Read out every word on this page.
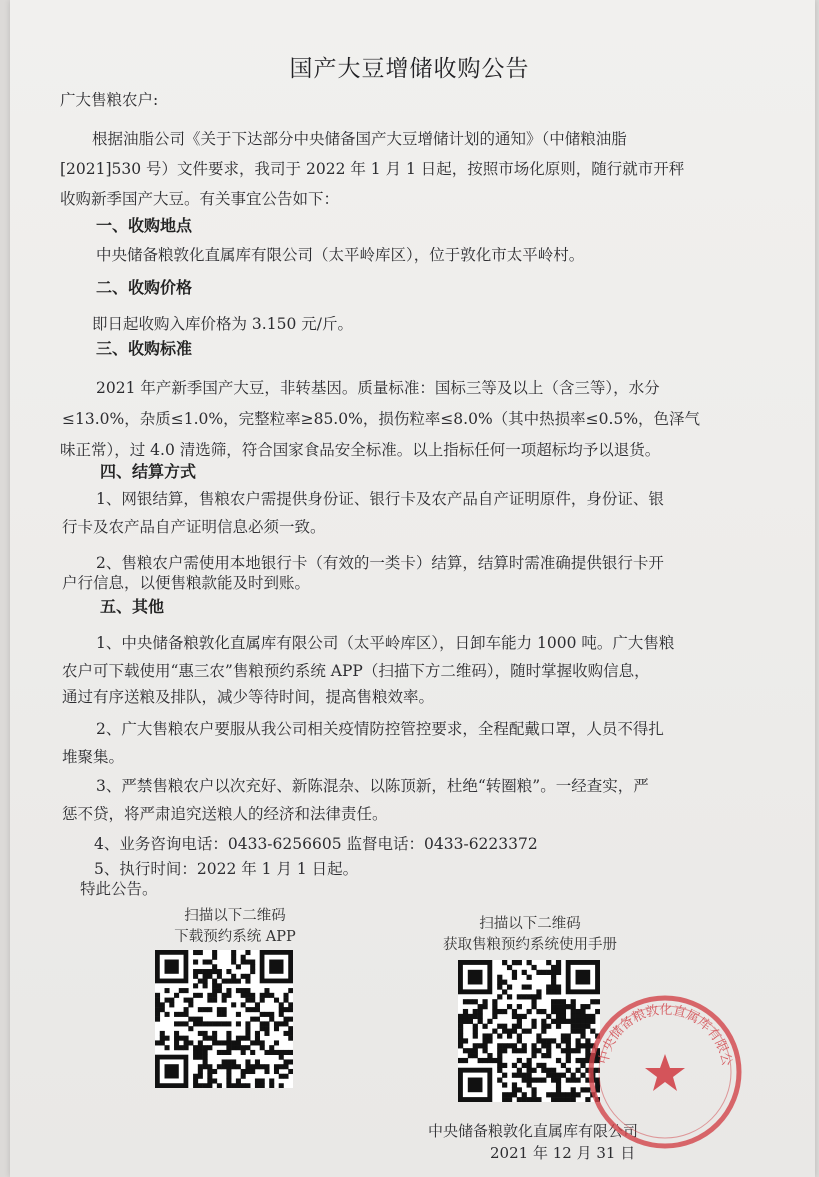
国产大豆增储收购公告
广大售粮农户:
根据油脂公司《关于下达部分中央储备国产大豆增储计划的通知》（中储粮油脂
[2021]530 号）文件要求，我司于 2022 年 1 月 1 日起，按照市场化原则，随行就市开秤
收购新季国产大豆。有关事宜公告如下：
一、收购地点
中央储备粮敦化直属库有限公司（太平岭库区），位于敦化市太平岭村。
二、收购价格
即日起收购入库价格为 3.150 元/斤。
三、收购标准
2021 年产新季国产大豆，非转基因。质量标准：国标三等及以上（含三等），水分
≤13.0%，杂质≤1.0%，完整粒率≥85.0%，损伤粒率≤8.0%（其中热损率≤0.5%，色泽气
味正常），过 4.0 清选筛，符合国家食品安全标准。以上指标任何一项超标均予以退货。
四、结算方式
1、网银结算，售粮农户需提供身份证、银行卡及农产品自产证明原件，身份证、银
行卡及农产品自产证明信息必须一致。
2、售粮农户需使用本地银行卡（有效的一类卡）结算，结算时需准确提供银行卡开
户行信息，以便售粮款能及时到账。
五、其他
1、中央储备粮敦化直属库有限公司（太平岭库区），日卸车能力 1000 吨。广大售粮
农户可下载使用“惠三农”售粮预约系统 APP（扫描下方二维码），随时掌握收购信息，
通过有序送粮及排队，减少等待时间，提高售粮效率。
2、广大售粮农户要服从我公司相关疫情防控管控要求，全程配戴口罩，人员不得扎
堆聚集。
3、严禁售粮农户以次充好、新陈混杂、以陈顶新，杜绝“转圈粮”。一经查实，严
惩不贷，将严肃追究送粮人的经济和法律责任。
4、业务咨询电话：0433-6256605 监督电话：0433-6223372
5、执行时间：2022 年 1 月 1 日起。
特此公告。
扫描以下二维码
下载预约系统 APP
扫描以下二维码
获取售粮预约系统使用手册
中央储备粮敦化直属库有限公司
2021 年 12 月 31 日
中央储备粮敦化直属库有限公
